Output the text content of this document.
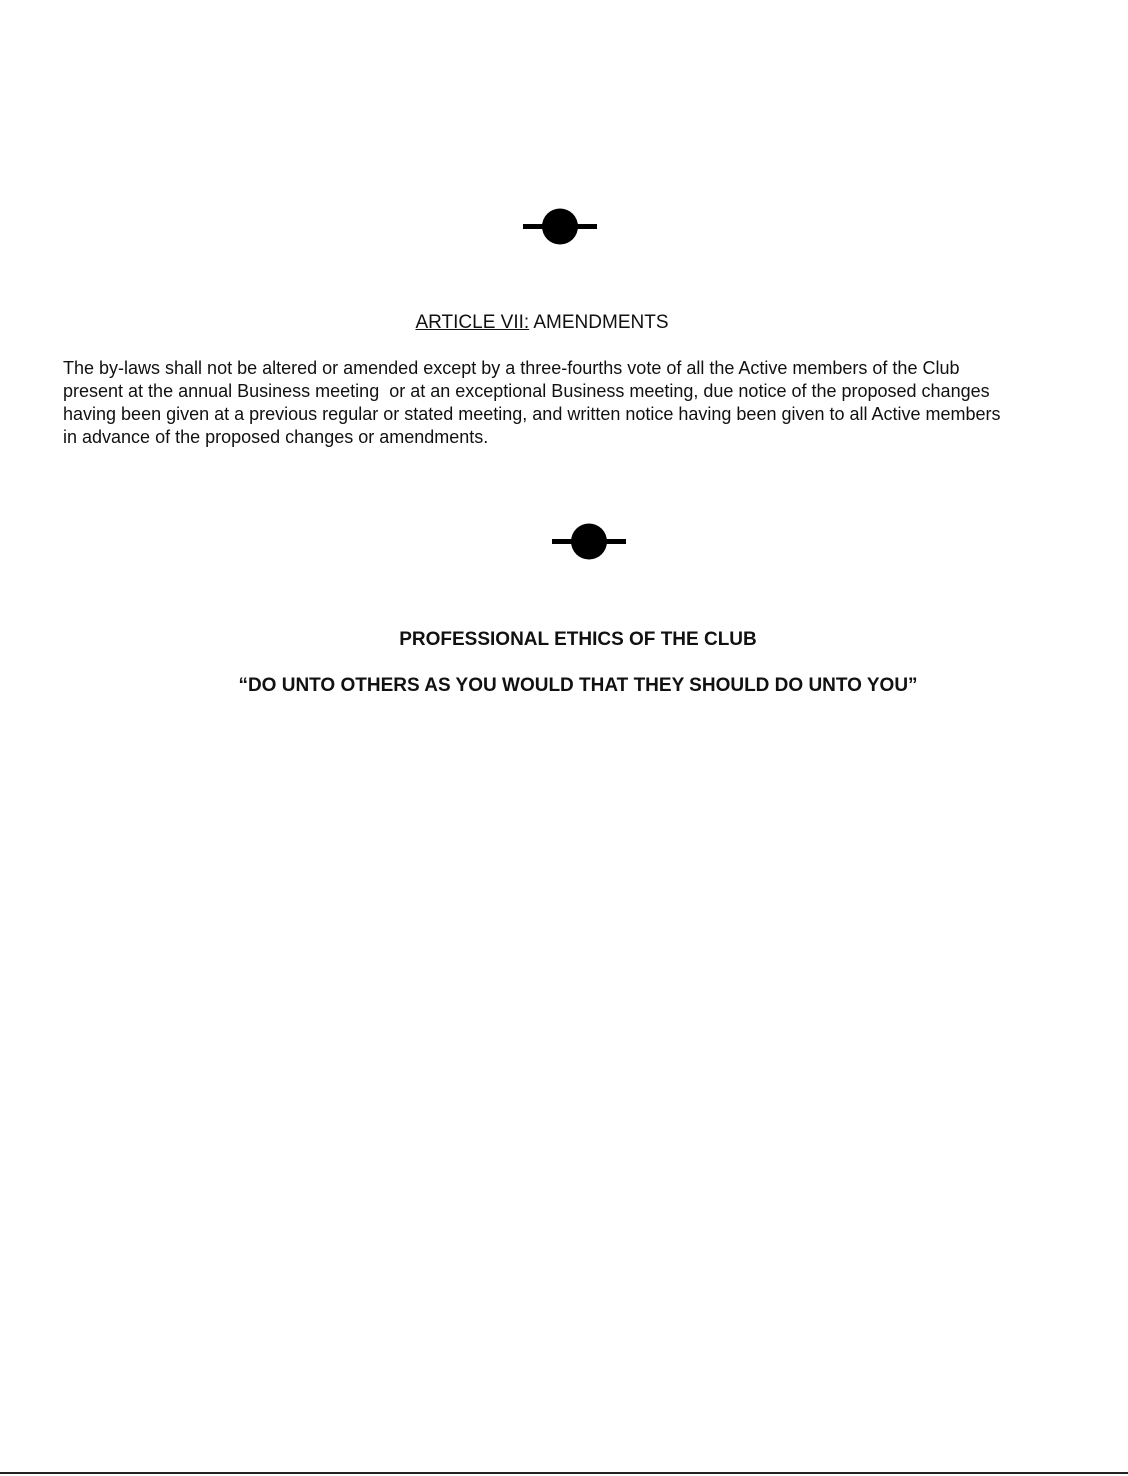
ARTICLE VII: AMENDMENTS

The by-laws shall not be altered or amended except by a three-fourths vote of all the Active members of the Club
present at the annual Business meeting  or at an exceptional Business meeting, due notice of the proposed changes
having been given at a previous regular or stated meeting, and written notice having been given to all Active members
in advance of the proposed changes or amendments.

PROFESSIONAL ETHICS OF THE CLUB
“DO UNTO OTHERS AS YOU WOULD THAT THEY SHOULD DO UNTO YOU”
